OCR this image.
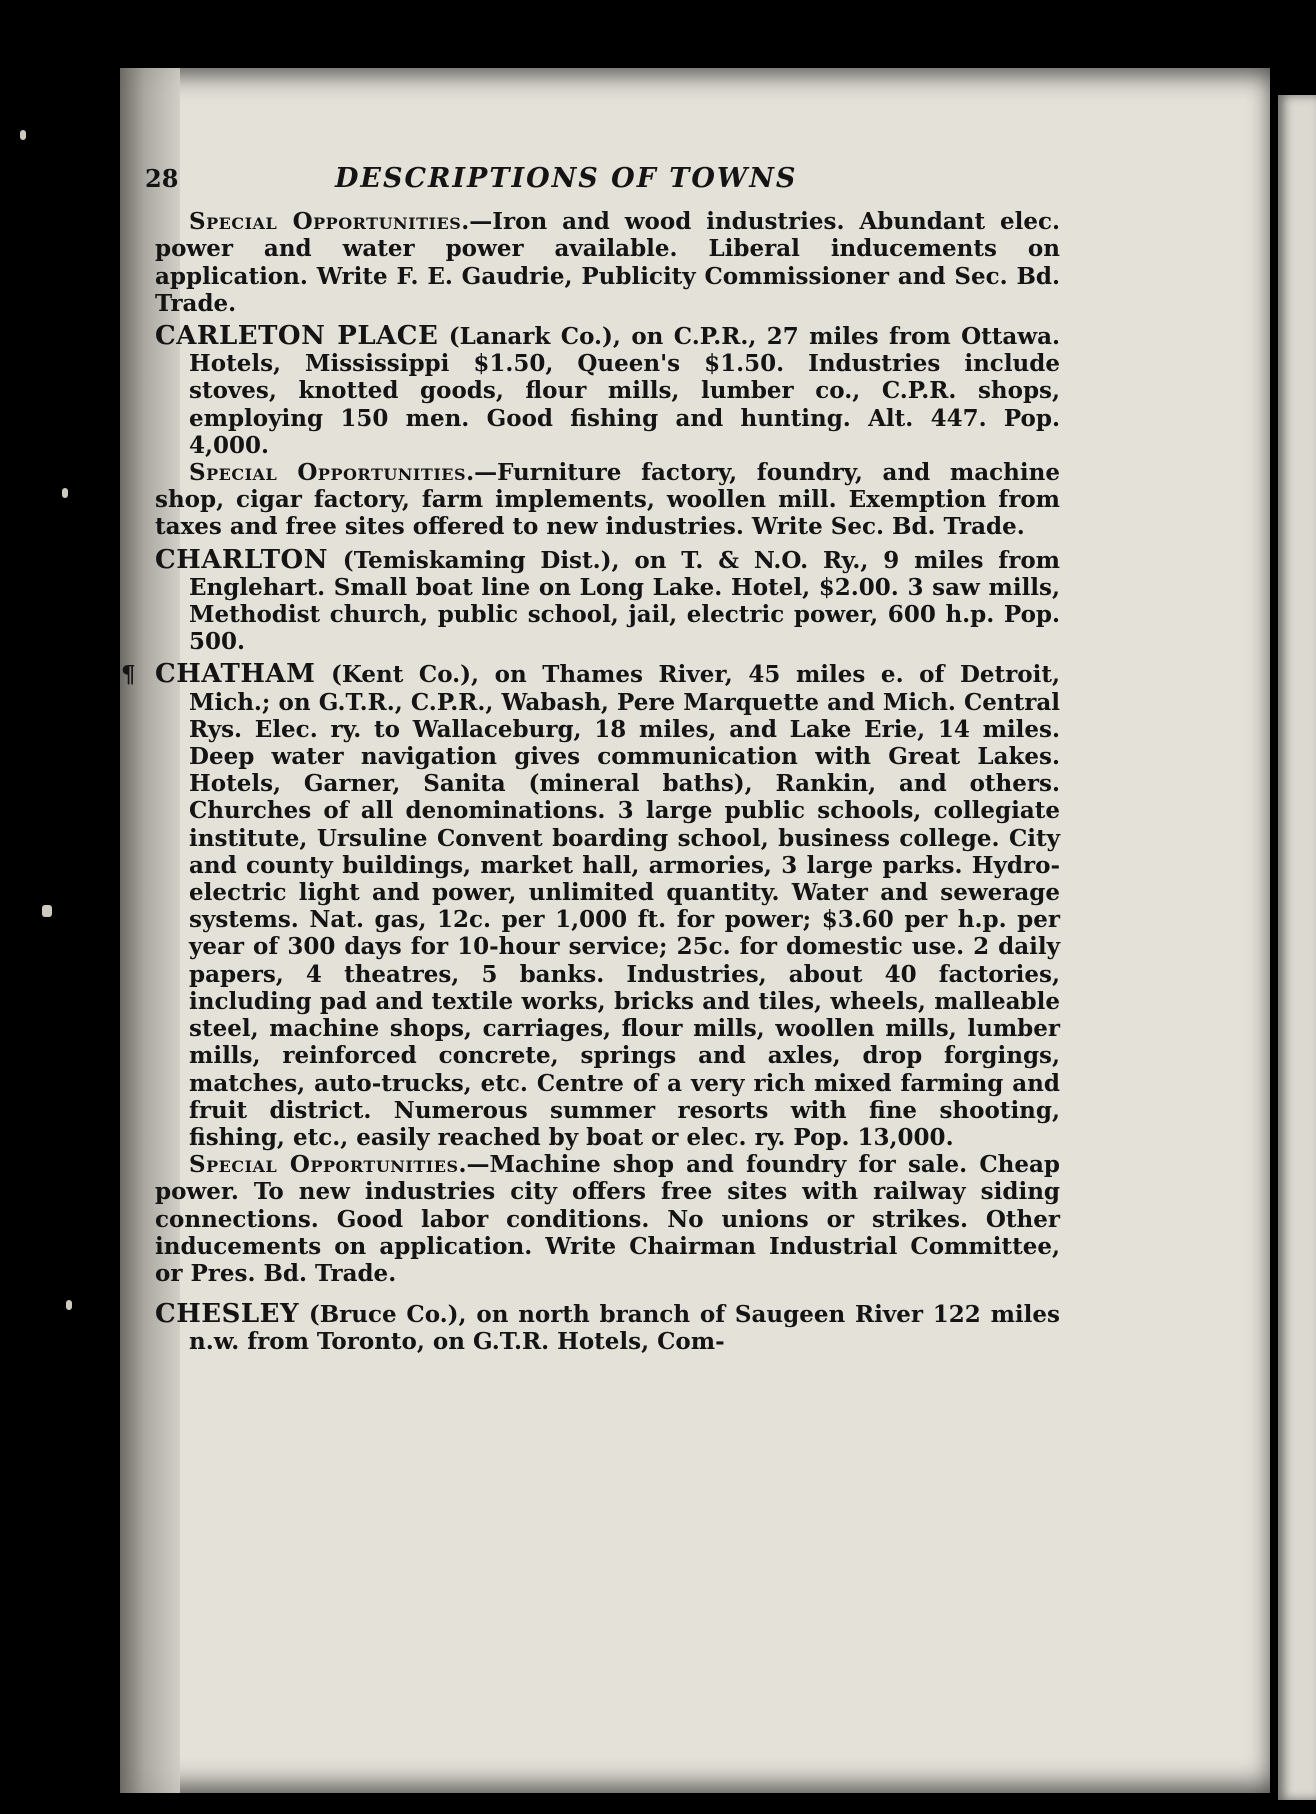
28	DESCRIPTIONS OF TOWNS

Special Opportunities.—Iron and wood industries. Abundant elec. power and water power available. Liberal inducements on application. Write F. E. Gaudrie, Publicity Commissioner and Sec. Bd. Trade.

CARLETON PLACE (Lanark Co.), on C.P.R., 27 miles from Ottawa. Hotels, Mississippi $1.50, Queen's $1.50. Industries include stoves, knotted goods, flour mills, lumber co., C.P.R. shops, employing 150 men. Good fishing and hunting. Alt. 447. Pop. 4,000.

Special Opportunities.—Furniture factory, foundry, and machine shop, cigar factory, farm implements, woollen mill. Exemption from taxes and free sites offered to new industries. Write Sec. Bd. Trade.

CHARLTON (Temiskaming Dist.), on T. & N.O. Ry., 9 miles from Englehart. Small boat line on Long Lake. Hotel, $2.00. 3 saw mills, Methodist church, public school, jail, electric power, 600 h.p. Pop. 500.

CHATHAM (Kent Co.), on Thames River, 45 miles e. of Detroit, Mich.; on G.T.R., C.P.R., Wabash, Pere Marquette and Mich. Central Rys. Elec. ry. to Wallaceburg, 18 miles, and Lake Erie, 14 miles. Deep water navigation gives communication with Great Lakes. Hotels, Garner, Sanita (mineral baths), Rankin, and others. Churches of all denominations. 3 large public schools, collegiate institute, Ursuline Convent boarding school, business college. City and county buildings, market hall, armories, 3 large parks. Hydro-electric light and power, unlimited quantity. Water and sewerage systems. Nat. gas, 12c. per 1,000 ft. for power; $3.60 per h.p. per year of 300 days for 10-hour service; 25c. for domestic use. 2 daily papers, 4 theatres, 5 banks. Industries, about 40 factories, including pad and textile works, bricks and tiles, wheels, malleable steel, machine shops, carriages, flour mills, woollen mills, lumber mills, reinforced concrete, springs and axles, drop forgings, matches, auto-trucks, etc. Centre of a very rich mixed farming and fruit district. Numerous summer resorts with fine shooting, fishing, etc., easily reached by boat or elec. ry. Pop. 13,000.

Special Opportunities.—Machine shop and foundry for sale. Cheap power. To new industries city offers free sites with railway siding connections. Good labor conditions. No unions or strikes. Other inducements on application. Write Chairman Industrial Committee, or Pres. Bd. Trade.

CHESLEY (Bruce Co.), on north branch of Saugeen River 122 miles n.w. from Toronto, on G.T.R. Hotels, Com-
